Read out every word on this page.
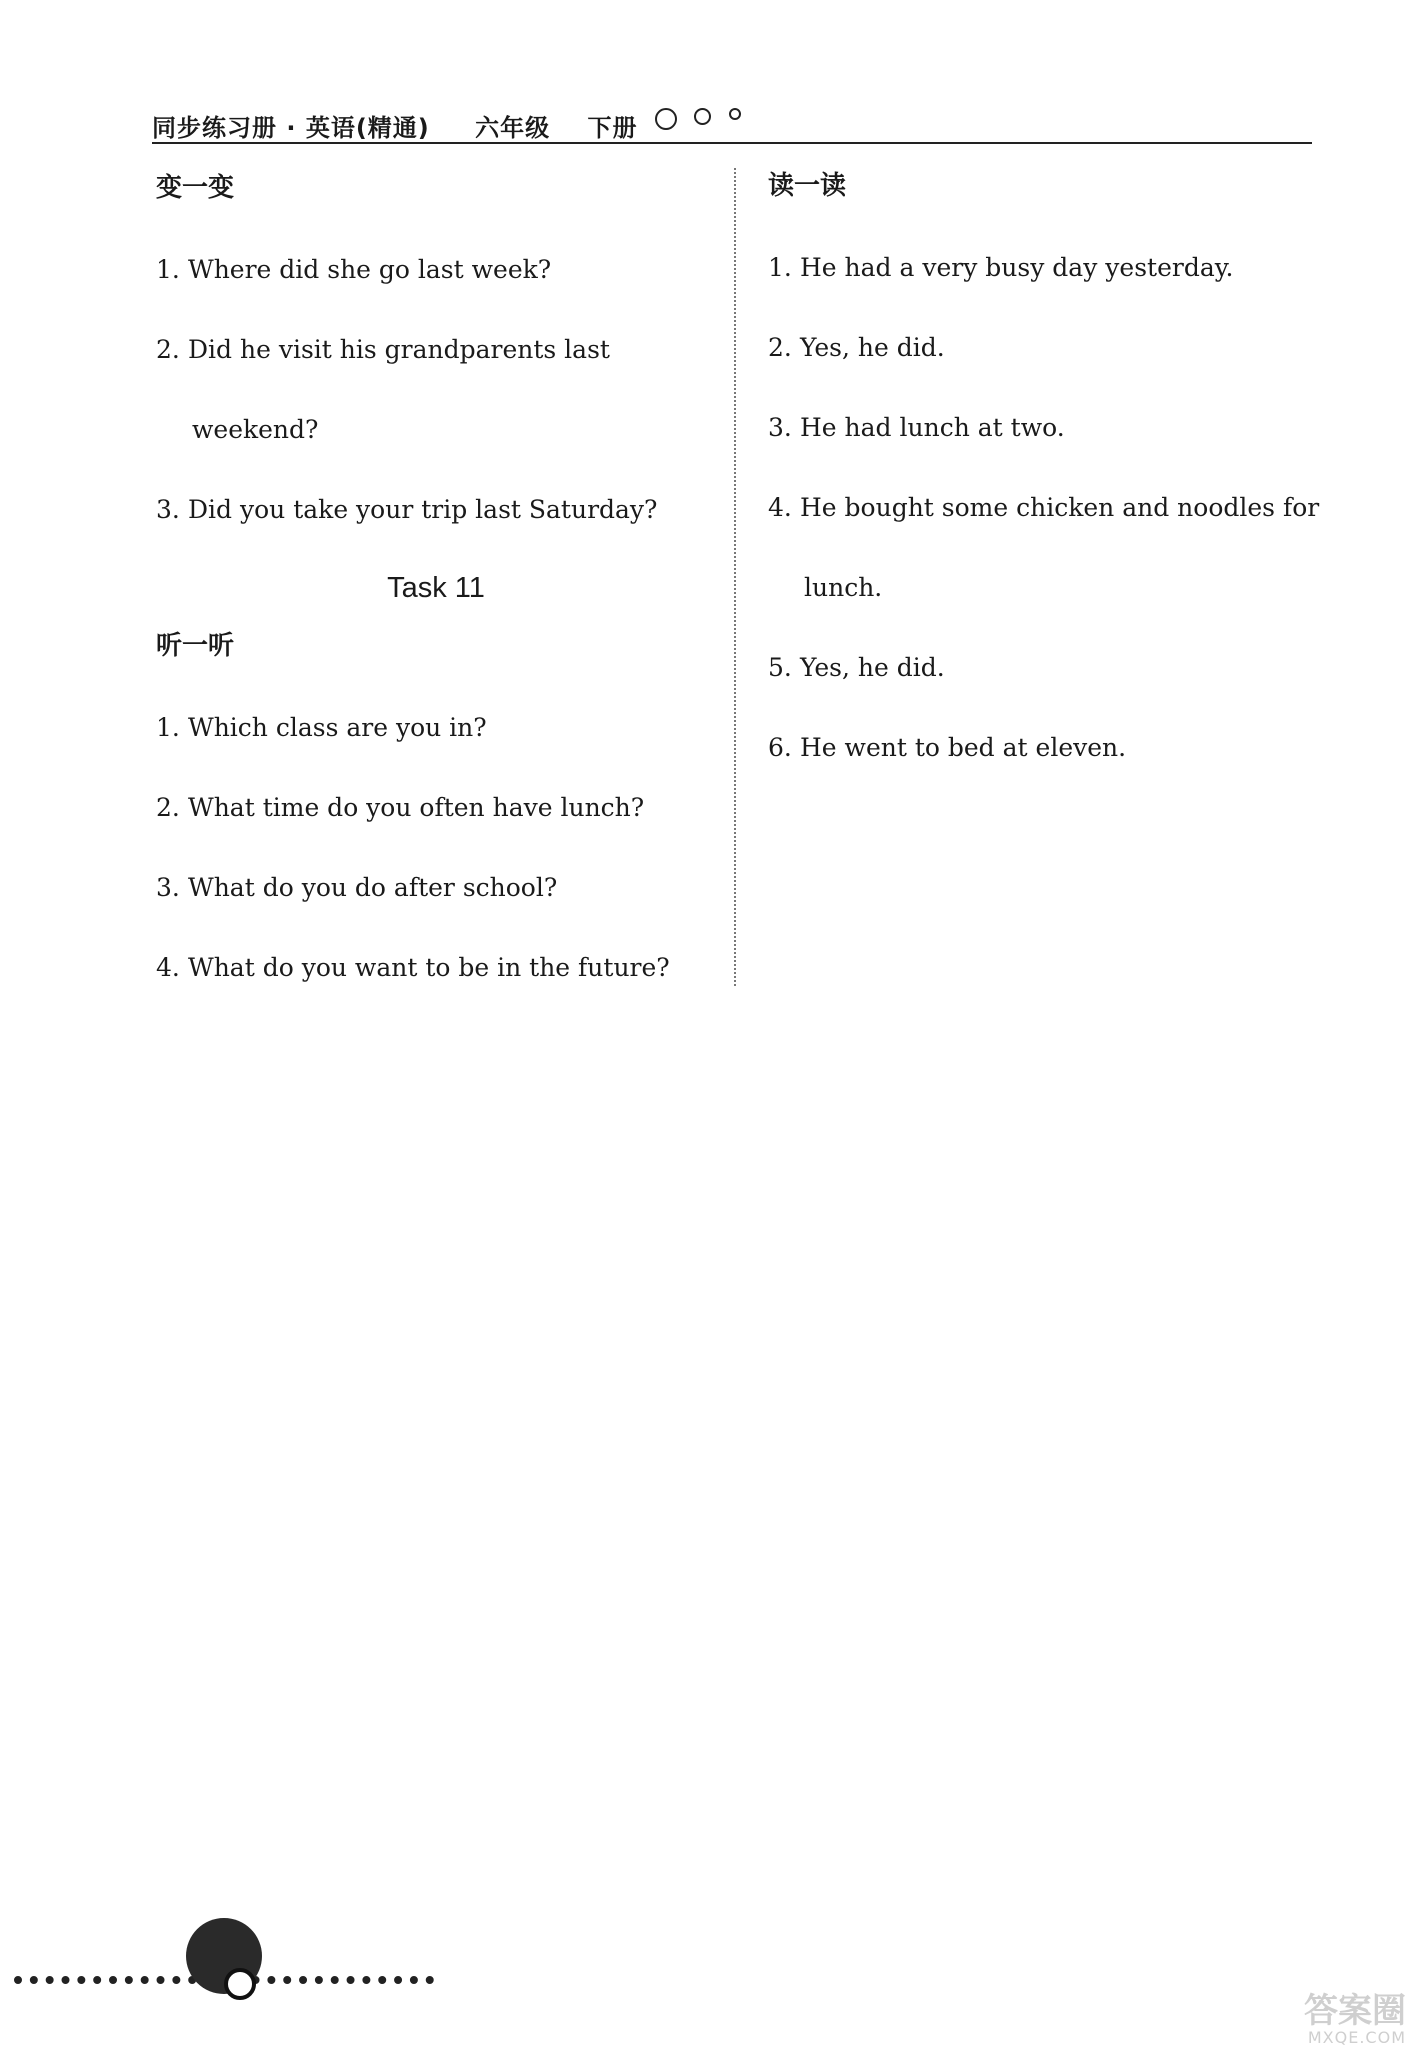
同步练习册 · 英语(精通) 六年级 下册
变一变
1. Where did she go last week?
2. Did he visit his grandparents last
weekend?
3. Did you take your trip last Saturday?
Task 11
听一听
1. Which class are you in?
2. What time do you often have lunch?
3. What do you do after school?
4. What do you want to be in the future?
读一读
1. He had a very busy day yesterday.
2. Yes, he did.
3. He had lunch at two.
4. He bought some chicken and noodles for
lunch.
5. Yes, he did.
6. He went to bed at eleven.
答案圈
MXQE.COM
